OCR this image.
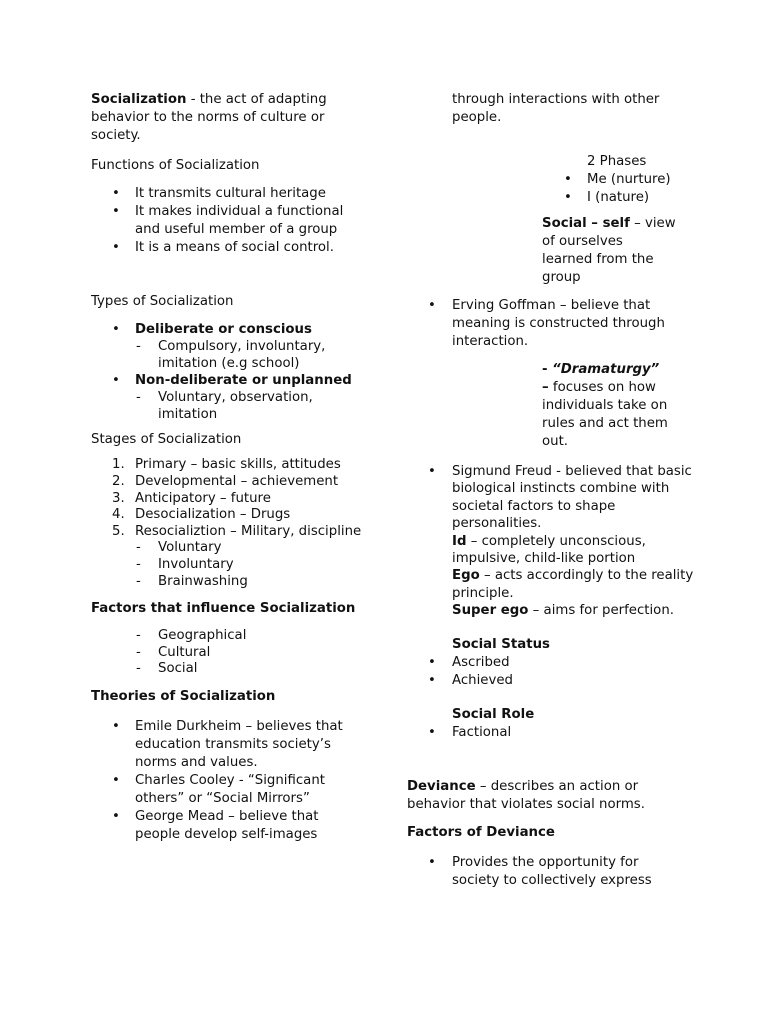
Socialization - the act of adapting behavior to the norms of culture or society.

Functions of Socialization

• It transmits cultural heritage
• It makes individual a functional and useful member of a group
• It is a means of social control.

Types of Socialization

• Deliberate or conscious
- Compulsory, involuntary, imitation (e.g school)
• Non-deliberate or unplanned
- Voluntary, observation, imitation

Stages of Socialization

1. Primary – basic skills, attitudes
2. Developmental – achievement
3. Anticipatory – future
4. Desocialization – Drugs
5. Resocializtion – Military, discipline
- Voluntary
- Involuntary
- Brainwashing

Factors that influence Socialization

- Geographical
- Cultural
- Social

Theories of Socialization

• Emile Durkheim – believes that education transmits society’s norms and values.
• Charles Cooley - “Significant others” or “Social Mirrors”
• George Mead – believe that people develop self-images

through interactions with other people.

2 Phases

• Me (nurture)
• I (nature)

Social – self – view of ourselves learned from the group

• Erving Goffman – believe that meaning is constructed through interaction.

- “Dramaturgy”
– focuses on how individuals take on rules and act them out.

• Sigmund Freud - believed that basic biological instincts combine with societal factors to shape personalities.
Id – completely unconscious, impulsive, child-like portion
Ego – acts accordingly to the reality principle.
Super ego – aims for perfection.

Social Status

• Ascribed
• Achieved

Social Role

• Factional

Deviance – describes an action or behavior that violates social norms.

Factors of Deviance

• Provides the opportunity for society to collectively express
